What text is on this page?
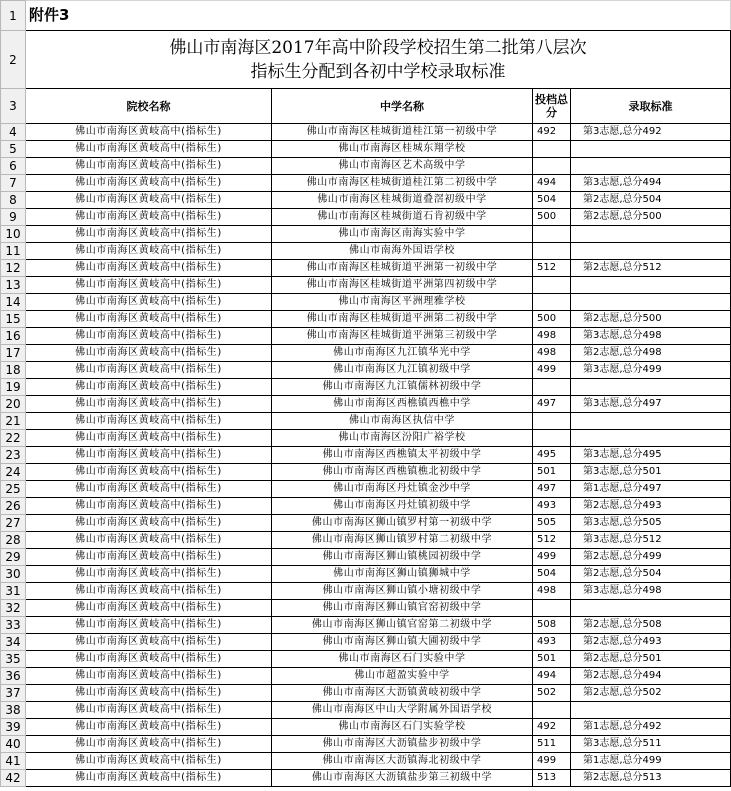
1	附件3			
2	佛山市南海区2017年高中阶段学校招生第二批第八层次
指标生分配到各初中学校录取标准			
3	院校名称	中学名称	投档总分	录取标准
4	佛山市南海区黄岐高中(指标生)	佛山市南海区桂城街道桂江第一初级中学	492	第3志愿,总分492
5	佛山市南海区黄岐高中(指标生)	佛山市南海区桂城东翔学校		
6	佛山市南海区黄岐高中(指标生)	佛山市南海区艺术高级中学		
7	佛山市南海区黄岐高中(指标生)	佛山市南海区桂城街道桂江第二初级中学	494	第3志愿,总分494
8	佛山市南海区黄岐高中(指标生)	佛山市南海区桂城街道叠滘初级中学	504	第2志愿,总分504
9	佛山市南海区黄岐高中(指标生)	佛山市南海区桂城街道石肯初级中学	500	第2志愿,总分500
10	佛山市南海区黄岐高中(指标生)	佛山市南海区南海实验中学		
11	佛山市南海区黄岐高中(指标生)	佛山市南海外国语学校		
12	佛山市南海区黄岐高中(指标生)	佛山市南海区桂城街道平洲第一初级中学	512	第2志愿,总分512
13	佛山市南海区黄岐高中(指标生)	佛山市南海区桂城街道平洲第四初级中学		
14	佛山市南海区黄岐高中(指标生)	佛山市南海区平洲理雅学校		
15	佛山市南海区黄岐高中(指标生)	佛山市南海区桂城街道平洲第二初级中学	500	第2志愿,总分500
16	佛山市南海区黄岐高中(指标生)	佛山市南海区桂城街道平洲第三初级中学	498	第3志愿,总分498
17	佛山市南海区黄岐高中(指标生)	佛山市南海区九江镇华光中学	498	第2志愿,总分498
18	佛山市南海区黄岐高中(指标生)	佛山市南海区九江镇初级中学	499	第3志愿,总分499
19	佛山市南海区黄岐高中(指标生)	佛山市南海区九江镇儒林初级中学		
20	佛山市南海区黄岐高中(指标生)	佛山市南海区西樵镇西樵中学	497	第3志愿,总分497
21	佛山市南海区黄岐高中(指标生)	佛山市南海区执信中学		
22	佛山市南海区黄岐高中(指标生)	佛山市南海区汾阳广裕学校		
23	佛山市南海区黄岐高中(指标生)	佛山市南海区西樵镇太平初级中学	495	第3志愿,总分495
24	佛山市南海区黄岐高中(指标生)	佛山市南海区西樵镇樵北初级中学	501	第3志愿,总分501
25	佛山市南海区黄岐高中(指标生)	佛山市南海区丹灶镇金沙中学	497	第1志愿,总分497
26	佛山市南海区黄岐高中(指标生)	佛山市南海区丹灶镇初级中学	493	第2志愿,总分493
27	佛山市南海区黄岐高中(指标生)	佛山市南海区狮山镇罗村第一初级中学	505	第3志愿,总分505
28	佛山市南海区黄岐高中(指标生)	佛山市南海区狮山镇罗村第二初级中学	512	第3志愿,总分512
29	佛山市南海区黄岐高中(指标生)	佛山市南海区狮山镇桃园初级中学	499	第2志愿,总分499
30	佛山市南海区黄岐高中(指标生)	佛山市南海区狮山镇狮城中学	504	第2志愿,总分504
31	佛山市南海区黄岐高中(指标生)	佛山市南海区狮山镇小塘初级中学	498	第3志愿,总分498
32	佛山市南海区黄岐高中(指标生)	佛山市南海区狮山镇官窑初级中学		
33	佛山市南海区黄岐高中(指标生)	佛山市南海区狮山镇官窑第二初级中学	508	第2志愿,总分508
34	佛山市南海区黄岐高中(指标生)	佛山市南海区狮山镇大圃初级中学	493	第2志愿,总分493
35	佛山市南海区黄岐高中(指标生)	佛山市南海区石门实验中学	501	第2志愿,总分501
36	佛山市南海区黄岐高中(指标生)	佛山市超盈实验中学	494	第2志愿,总分494
37	佛山市南海区黄岐高中(指标生)	佛山市南海区大沥镇黄岐初级中学	502	第2志愿,总分502
38	佛山市南海区黄岐高中(指标生)	佛山市南海区中山大学附属外国语学校		
39	佛山市南海区黄岐高中(指标生)	佛山市南海区石门实验学校	492	第1志愿,总分492
40	佛山市南海区黄岐高中(指标生)	佛山市南海区大沥镇盐步初级中学	511	第3志愿,总分511
41	佛山市南海区黄岐高中(指标生)	佛山市南海区大沥镇海北初级中学	499	第1志愿,总分499
42	佛山市南海区黄岐高中(指标生)	佛山市南海区大沥镇盐步第三初级中学	513	第2志愿,总分513
